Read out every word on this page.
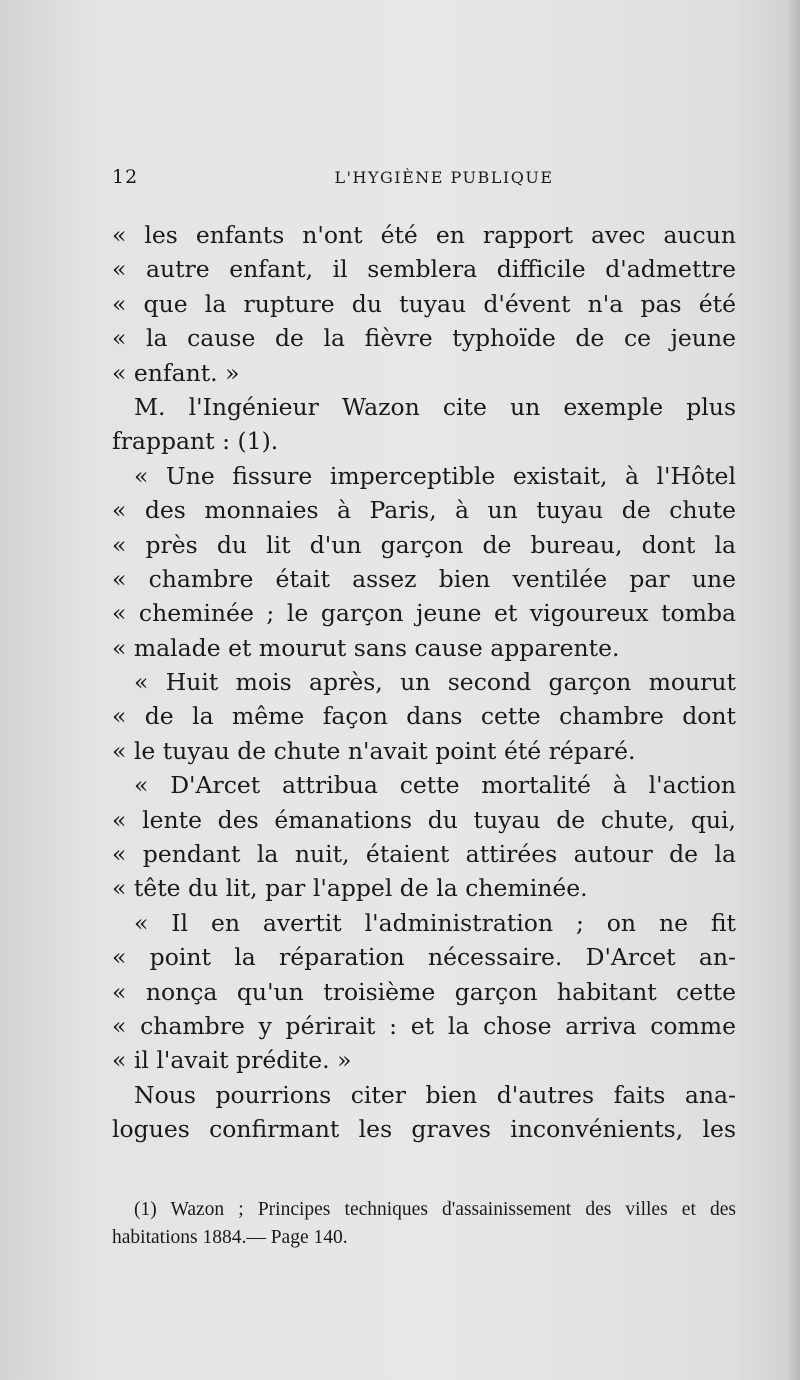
12	L'HYGIÈNE PUBLIQUE
« les enfants n'ont été en rapport avec aucun
« autre enfant, il semblera difficile d'admettre
« que la rupture du tuyau d'évent n'a pas été
« la cause de la fièvre typhoïde de ce jeune
« enfant. »
M. l'Ingénieur Wazon cite un exemple plus
frappant : (1).
« Une fissure imperceptible existait, à l'Hôtel
« des monnaies à Paris, à un tuyau de chute
« près du lit d'un garçon de bureau, dont la
« chambre était assez bien ventilée par une
« cheminée ; le garçon jeune et vigoureux tomba
« malade et mourut sans cause apparente.
« Huit mois après, un second garçon mourut
« de la même façon dans cette chambre dont
« le tuyau de chute n'avait point été réparé.
« D'Arcet attribua cette mortalité à l'action
« lente des émanations du tuyau de chute, qui,
« pendant la nuit, étaient attirées autour de la
« tête du lit, par l'appel de la cheminée.
« Il en avertit l'administration ; on ne fit
« point la réparation nécessaire. D'Arcet an-
« nonça qu'un troisième garçon habitant cette
« chambre y périrait : et la chose arriva comme
« il l'avait prédite. »
Nous pourrions citer bien d'autres faits ana-
logues confirmant les graves inconvénients, les
(1) Wazon ; Principes techniques d'assainissement des villes et des
habitations 1884.— Page 140.
